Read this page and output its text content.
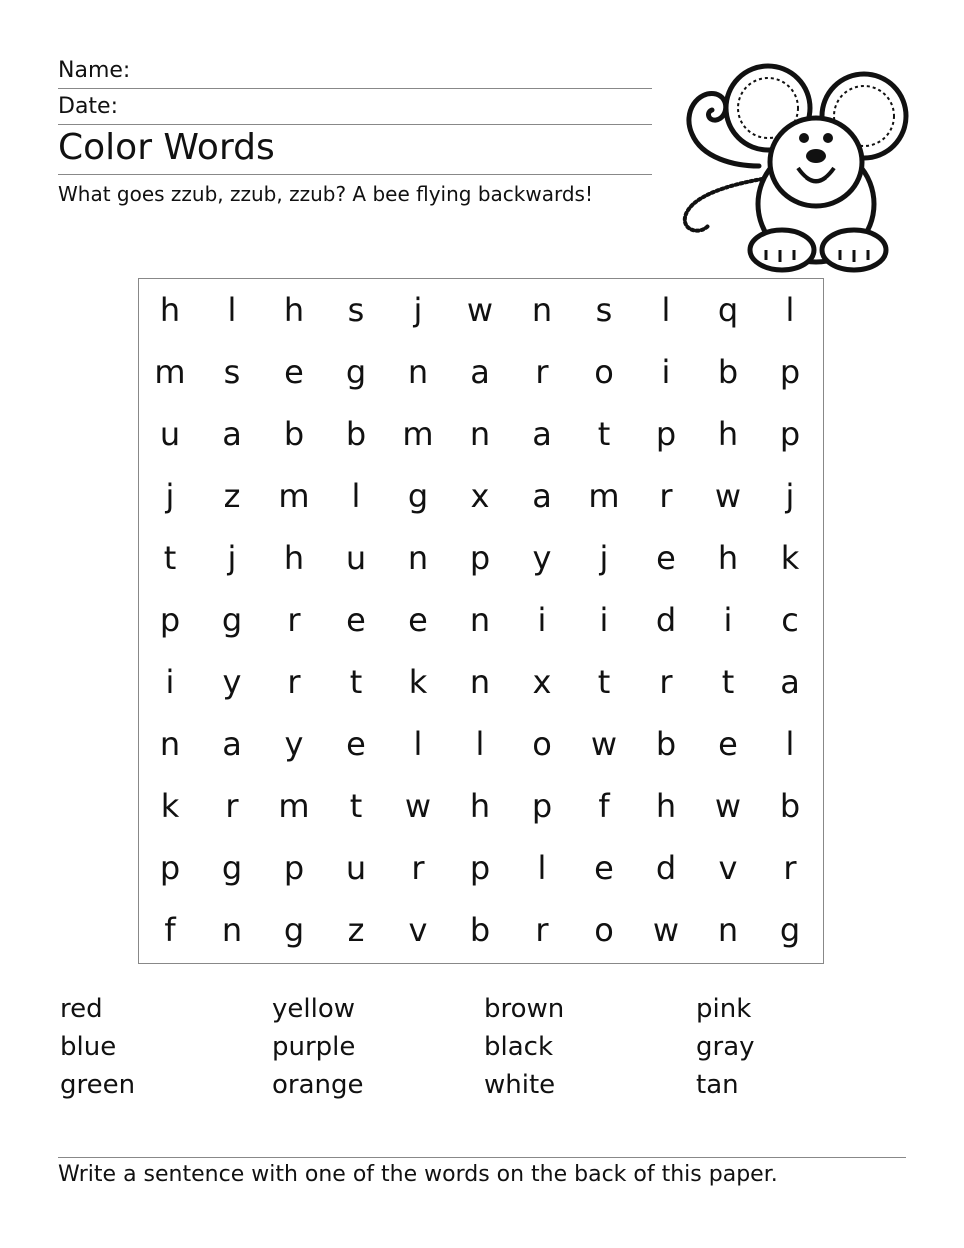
Name:
Date:
Color Words
What goes zzub, zzub, zzub? A bee flying backwards!
h	l	h	s	j	w	n	s	l	q	l
m	s	e	g	n	a	r	o	i	b	p
u	a	b	b	m	n	a	t	p	h	p
j	z	m	l	g	x	a	m	r	w	j
t	j	h	u	n	p	y	j	e	h	k
p	g	r	e	e	n	i	i	d	i	c
i	y	r	t	k	n	x	t	r	t	a
n	a	y	e	l	l	o	w	b	e	l
k	r	m	t	w	h	p	f	h	w	b
p	g	p	u	r	p	l	e	d	v	r
f	n	g	z	v	b	r	o	w	n	g
red
blue
green
yellow
purple
orange
brown
black
white
pink
gray
tan
Write a sentence with one of the words on the back of this paper.
